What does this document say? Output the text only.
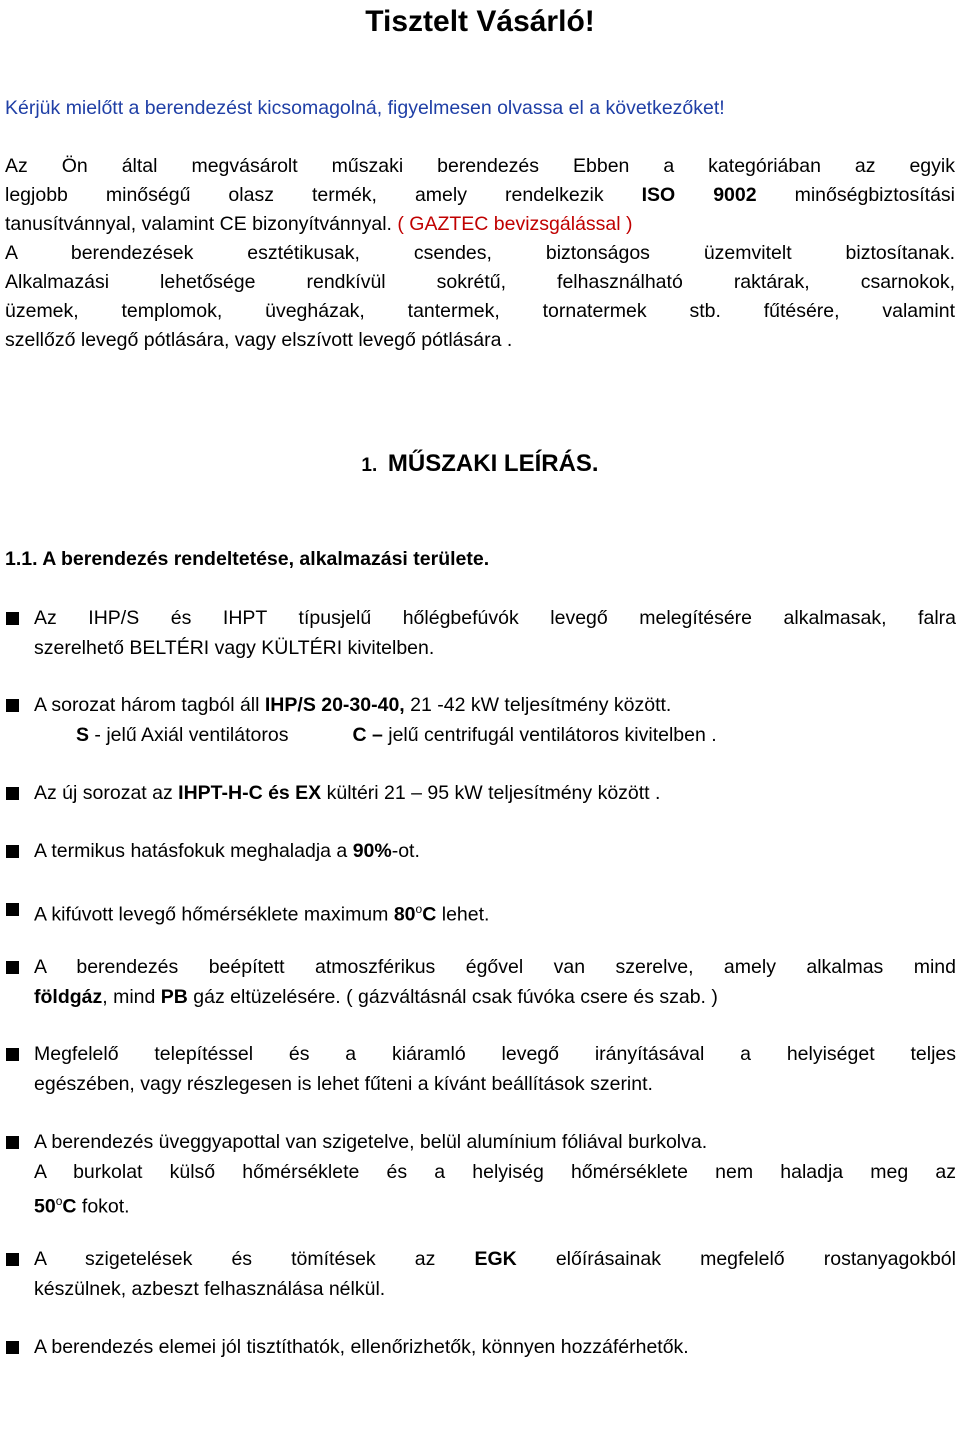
Tisztelt Vásárló!

Kérjük mielőtt a berendezést kicsomagolná, figyelmesen olvassa el a következőket!

Az Ön által megvásárolt műszaki berendezés Ebben a kategóriában az egyik
legjobb minőségű olasz termék, amely rendelkezik ISO 9002 minőségbiztosítási
tanusítvánnyal, valamint CE bizonyítvánnyal. ( GAZTEC bevizsgálással )
A berendezések esztétikusak, csendes, biztonságos üzemvitelt biztosítanak.
Alkalmazási lehetősége rendkívül sokrétű, felhasználható raktárak, csarnokok,
üzemek, templomok, üvegházak, tantermek, tornatermek stb. fűtésére, valamint
szellőző levegő pótlására, vagy elszívott levegő pótlására .
1. MŰSZAKI LEÍRÁS.
1.1. A berendezés rendeltetése, alkalmazási területe.
Az IHP/S és IHPT típusjelű hőlégbefúvók levegő melegítésére alkalmasak, falra
szerelhető BELTÉRI vagy KÜLTÉRI kivitelben.
A sorozat három tagból áll IHP/S 20-30-40, 21 -42 kW teljesítmény között.
S - jelű Axiál ventilátoros	C – jelű centrifugál ventilátoros kivitelben .
Az új sorozat az IHPT-H-C és EX kültéri 21 – 95 kW teljesítmény között .
A termikus hatásfokuk meghaladja a 90%-ot.
A kifúvott levegő hőmérséklete maximum 80$^o$C lehet.
A berendezés beépített atmoszférikus égővel van szerelve, amely alkalmas mind
földgáz, mind PB gáz eltüzelésére. ( gázváltásnál csak fúvóka csere és szab. )
Megfelelő telepítéssel és a kiáramló levegő irányításával a helyiséget teljes
egészében, vagy részlegesen is lehet fűteni a kívánt beállítások szerint.
A berendezés üveggyapottal van szigetelve, belül alumínium fóliával burkolva.
A burkolat külső hőmérséklete és a helyiség hőmérséklete nem haladja meg az
50$^o$C fokot.
A szigetelések és tömítések az EGK előírásainak megfelelő rostanyagokból
készülnek, azbeszt felhasználása nélkül.
A berendezés elemei jól tisztíthatók, ellenőrizhetők, könnyen hozzáférhetők.
